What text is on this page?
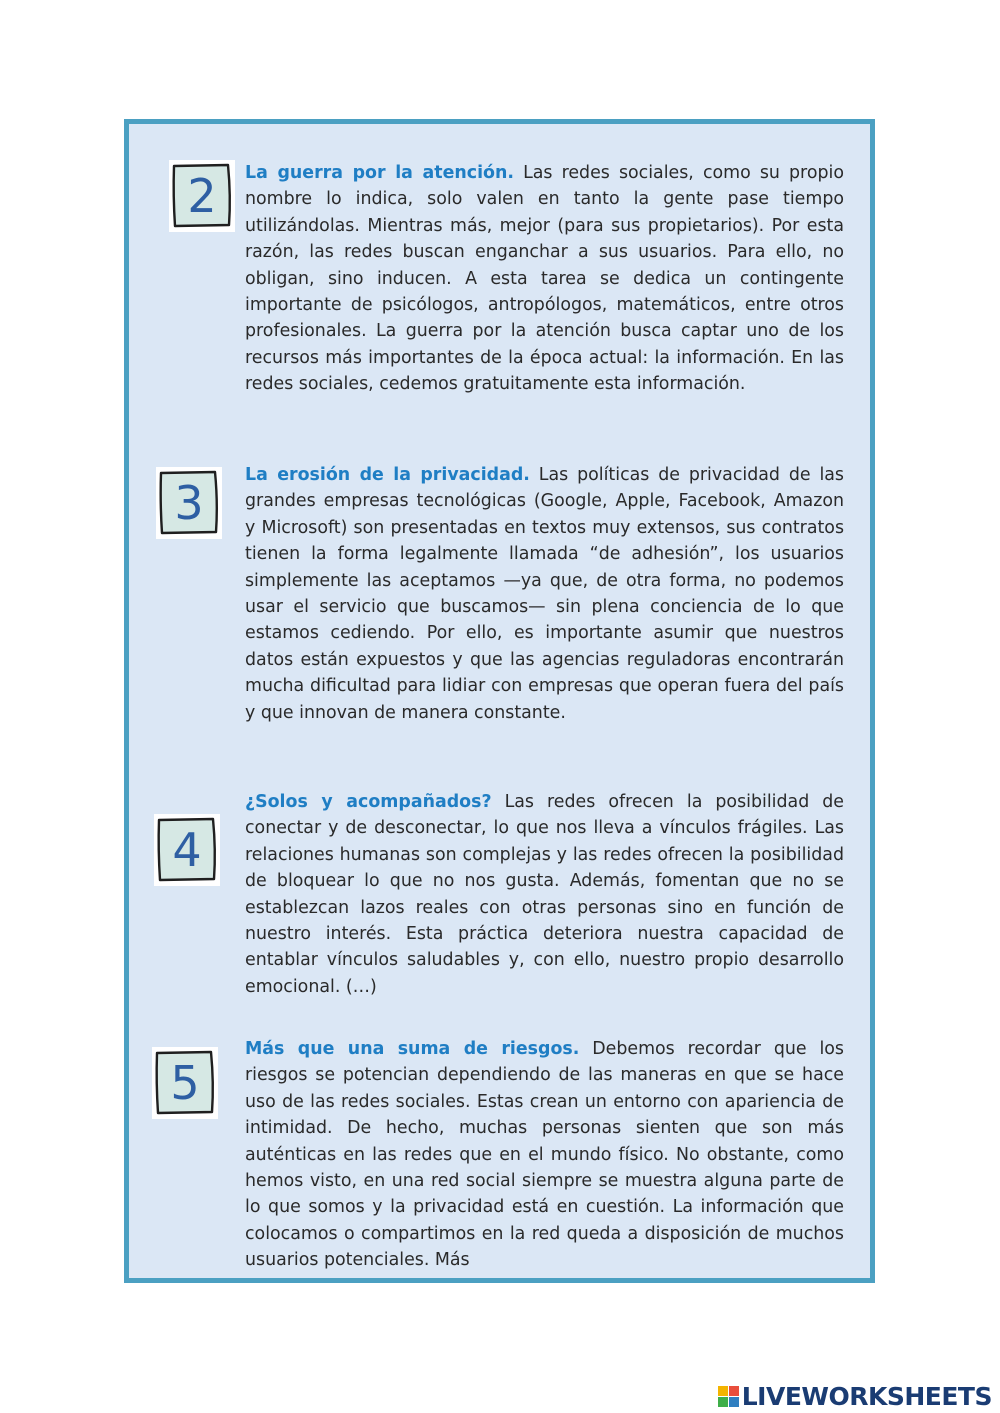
2 La guerra por la atención. Las redes sociales, como su propio nombre lo indica, solo valen en tanto la gente pase tiempo utilizándolas. Mientras más, mejor (para sus propietarios). Por esta razón, las redes buscan enganchar a sus usuarios. Para ello, no obligan, sino inducen. A esta tarea se dedica un contingente importante de psicólogos, antropólogos, matemáticos, entre otros profesionales. La guerra por la atención busca captar uno de los recursos más importantes de la época actual: la información. En las redes sociales, cedemos gratuitamente esta información.

3

La erosión de la privacidad. Las políticas de privacidad de las grandes empresas tecnológicas (Google, Apple, Facebook, Amazon y Microsoft) son presentadas en textos muy extensos, sus contratos tienen la forma legalmente llamada “de adhesión”, los usuarios simplemente las aceptamos —ya que, de otra forma, no podemos usar el servicio que buscamos— sin plena conciencia de lo que estamos cediendo. Por ello, es importante asumir que nuestros datos están expuestos y que las agencias reguladoras encontrarán mucha dificultad para lidiar con empresas que operan fuera del país y que innovan de manera constante.

4

¿Solos y acompañados? Las redes ofrecen la posibilidad de conectar y de desconectar, lo que nos lleva a vínculos frágiles. Las relaciones humanas son complejas y las redes ofrecen la posibilidad de bloquear lo que no nos gusta. Además, fomentan que no se establezcan lazos reales con otras personas sino en función de nuestro interés. Esta práctica deteriora nuestra capacidad de entablar vínculos saludables y, con ello, nuestro propio desarrollo emocional. (…)

5

Más que una suma de riesgos. Debemos recordar que los riesgos se potencian dependiendo de las maneras en que se hace uso de las redes sociales. Estas crean un entorno con apariencia de intimidad. De hecho, muchas personas sienten que son más auténticas en las redes que en el mundo físico. No obstante, como hemos visto, en una red social siempre se muestra alguna parte de lo que somos y la privacidad está en cuestión. La información que colocamos o compartimos en la red queda a disposición de muchos usuarios potenciales. Más

LIVEWORKSHEETS
